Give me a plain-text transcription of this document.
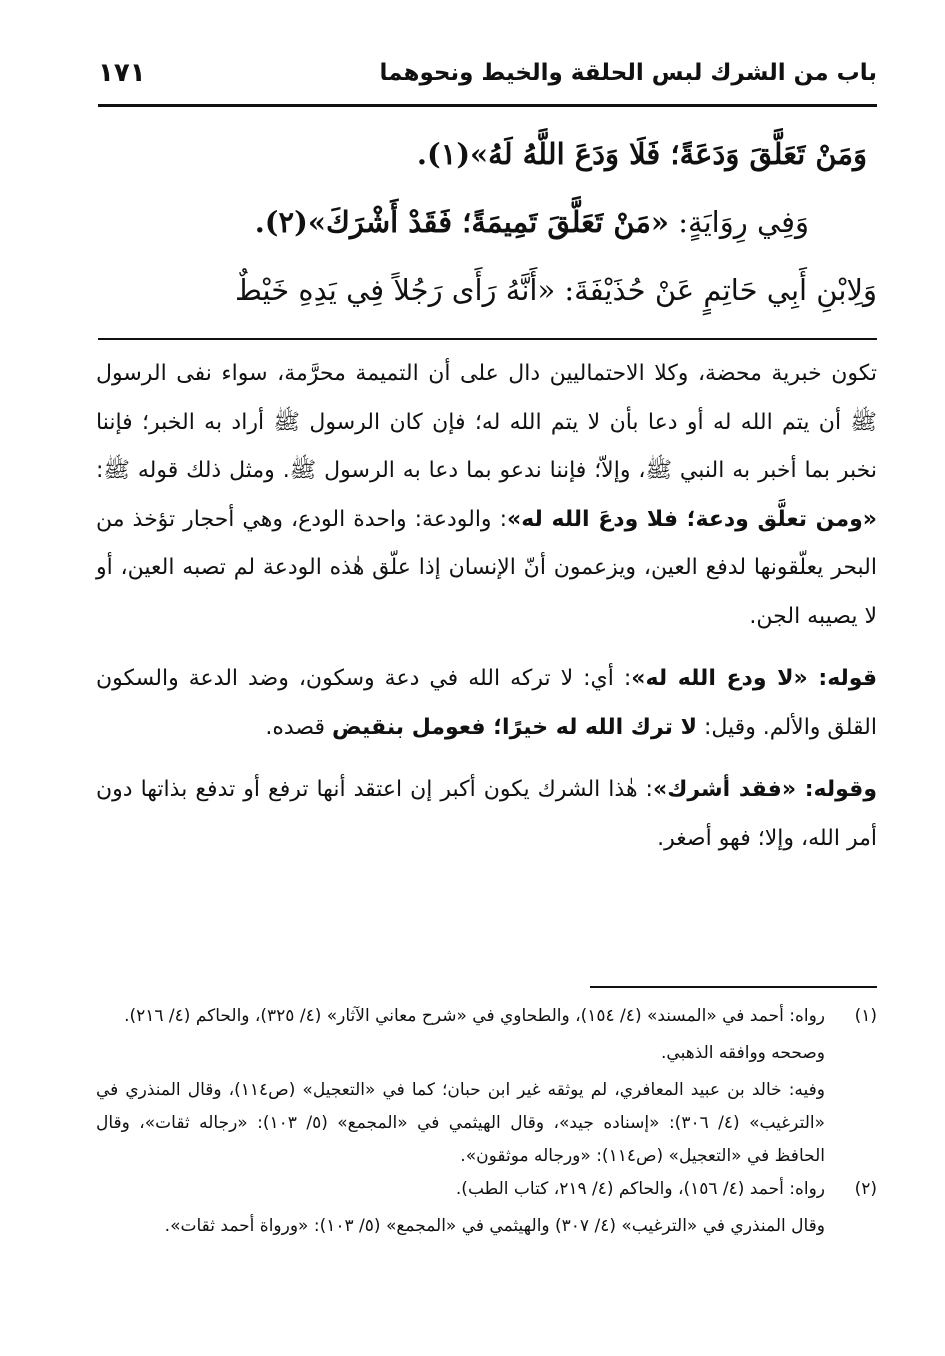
باب من الشرك لبس الحلقة والخيط ونحوهما
١٧١
وَمَنْ تَعَلَّقَ وَدَعَةً؛ فَلَا وَدَعَ اللَّهُ لَهُ»(١).
وَفِي رِوَايَةٍ: «مَنْ تَعَلَّقَ تَمِيمَةً؛ فَقَدْ أَشْرَكَ»(٢).
وَلِابْنِ أَبِي حَاتِمٍ عَنْ حُذَيْفَةَ: «أَنَّهُ رَأَى رَجُلاً فِي يَدِهِ خَيْطٌ

تكون خبرية محضة، وكلا الاحتماليين دال على أن التميمة محرَّمة، سواء نفى الرسول ﷺ أن يتم الله له أو دعا بأن لا يتم الله له؛ فإن كان الرسول ﷺ أراد به الخبر؛ فإننا نخبر بما أخبر به النبي ﷺ، وإلاّ؛ فإننا ندعو بما دعا به الرسول ﷺ. ومثل ذلك قوله ﷺ: «ومن تعلَّق ودعة؛ فلا ودعَ الله له»: والودعة: واحدة الودع، وهي أحجار تؤخذ من البحر يعلّقونها لدفع العين، ويزعمون أنّ الإنسان إذا علّق هٰذه الودعة لم تصبه العين، أو لا يصيبه الجن.

قوله: «لا ودع الله له»: أي: لا تركه الله في دعة وسكون، وضد الدعة والسكون القلق والألم. وقيل: لا ترك الله له خيرًا؛ فعومل بنقيض قصده.

وقوله: «فقد أشرك»: هٰذا الشرك يكون أكبر إن اعتقد أنها ترفع أو تدفع بذاتها دون أمر الله، وإلا؛ فهو أصغر.

(١)

رواه: أحمد في «المسند» (٤/ ١٥٤)، والطحاوي في «شرح معاني الآثار» (٤/ ٣٢٥)، والحاكم (٤/ ٢١٦).

وصححه ووافقه الذهبي.

وفيه: خالد بن عبيد المعافري، لم يوثقه غير ابن حبان؛ كما في «التعجيل» (ص١١٤)، وقال المنذري في «الترغيب» (٤/ ٣٠٦): «إسناده جيد»، وقال الهيثمي في «المجمع» (٥/ ١٠٣): «رجاله ثقات»، وقال الحافظ في «التعجيل» (ص١١٤): «ورجاله موثقون».

(٢)

رواه: أحمد (٤/ ١٥٦)، والحاكم (٤/ ٢١٩، كتاب الطب).

وقال المنذري في «الترغيب» (٤/ ٣٠٧) والهيثمي في «المجمع» (٥/ ١٠٣): «ورواة أحمد ثقات».
